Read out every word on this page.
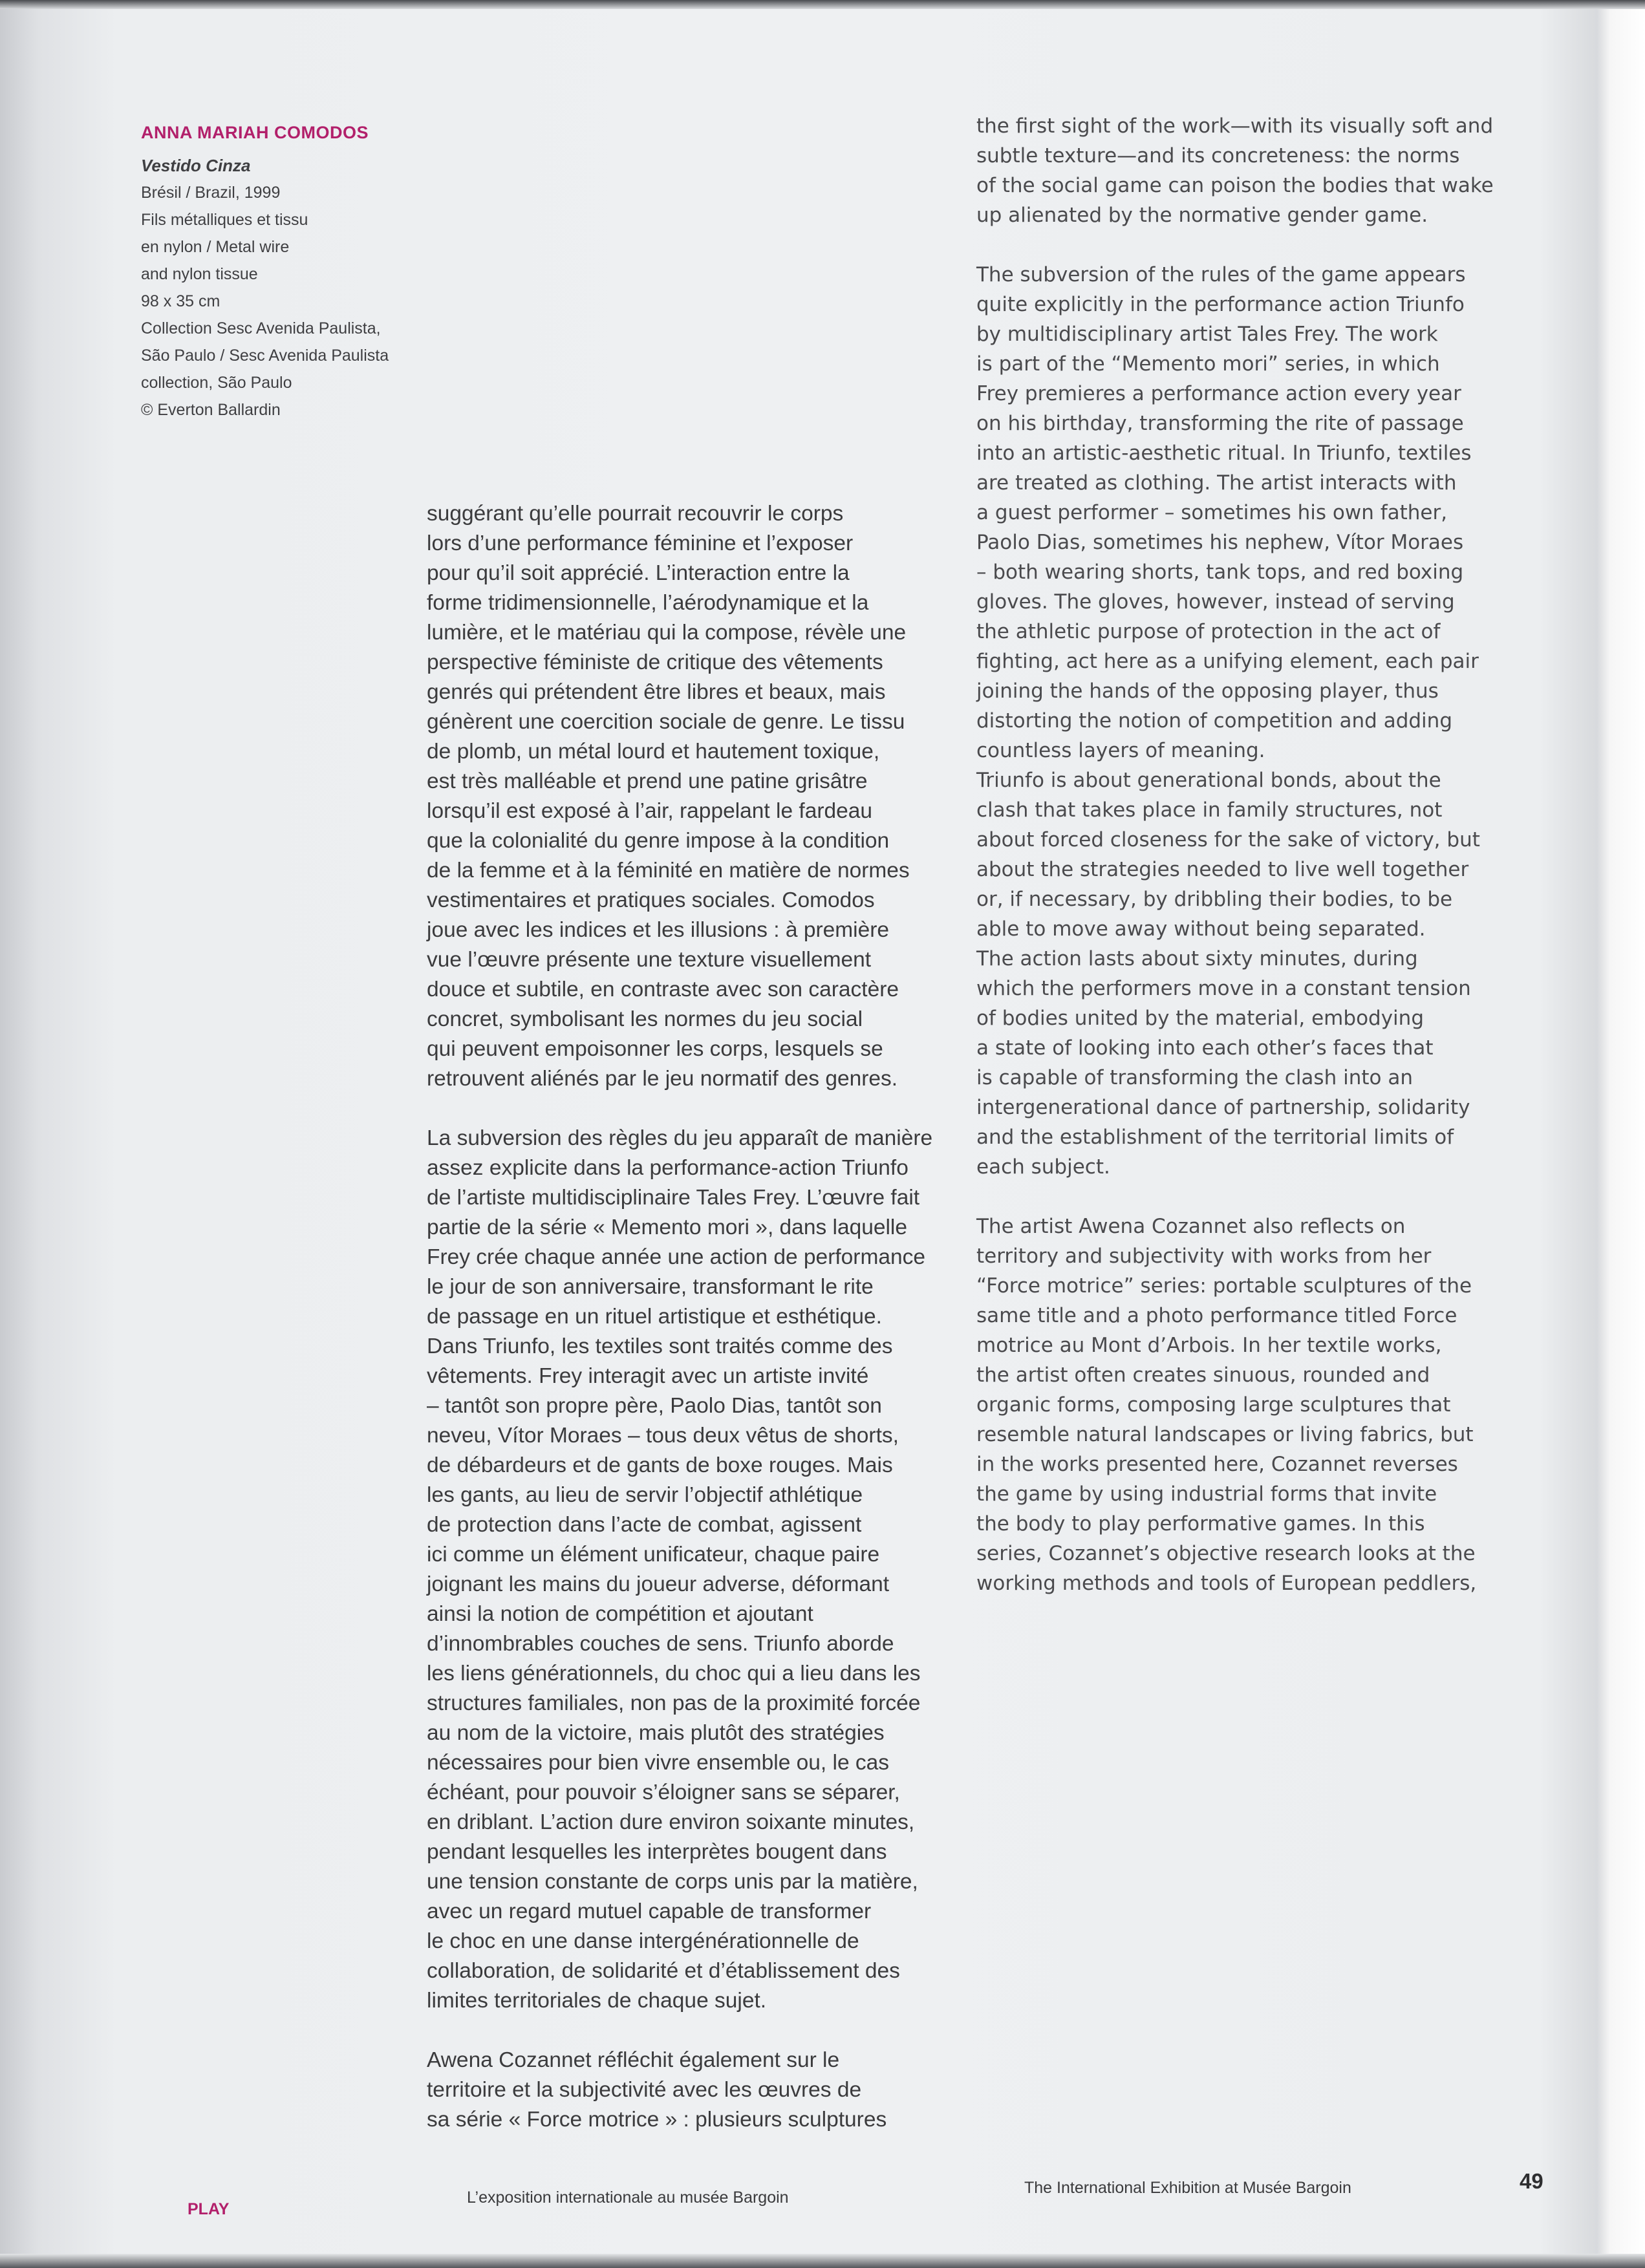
ANNA MARIAH COMODOS

Vestido Cinza

Brésil / Brazil, 1999

Fils métalliques et tissu

en nylon / Metal wire

and nylon tissue

98 x 35 cm

Collection Sesc Avenida Paulista,

São Paulo / Sesc Avenida Paulista

collection, São Paulo

© Everton Ballardin

suggérant qu’elle pourrait recouvrir le corps
lors d’une performance féminine et l’exposer
pour qu’il soit apprécié. L’interaction entre la
forme tridimensionnelle, l’aérodynamique et la
lumière, et le matériau qui la compose, révèle une
perspective féministe de critique des vêtements
genrés qui prétendent être libres et beaux, mais
génèrent une coercition sociale de genre. Le tissu
de plomb, un métal lourd et hautement toxique,
est très malléable et prend une patine grisâtre
lorsqu’il est exposé à l’air, rappelant le fardeau
que la colonialité du genre impose à la condition
de la femme et à la féminité en matière de normes
vestimentaires et pratiques sociales. Comodos
joue avec les indices et les illusions : à première
vue l’œuvre présente une texture visuellement
douce et subtile, en contraste avec son caractère
concret, symbolisant les normes du jeu social
qui peuvent empoisonner les corps, lesquels se
retrouvent aliénés par le jeu normatif des genres.
La subversion des règles du jeu apparaît de manière
assez explicite dans la performance-action Triunfo
de l’artiste multidisciplinaire Tales Frey. L’œuvre fait
partie de la série « Memento mori », dans laquelle
Frey crée chaque année une action de performance
le jour de son anniversaire, transformant le rite
de passage en un rituel artistique et esthétique.
Dans Triunfo, les textiles sont traités comme des
vêtements. Frey interagit avec un artiste invité
– tantôt son propre père, Paolo Dias, tantôt son
neveu, Vítor Moraes – tous deux vêtus de shorts,
de débardeurs et de gants de boxe rouges. Mais
les gants, au lieu de servir l’objectif athlétique
de protection dans l’acte de combat, agissent
ici comme un élément unificateur, chaque paire
joignant les mains du joueur adverse, déformant
ainsi la notion de compétition et ajoutant
d’innombrables couches de sens. Triunfo aborde
les liens générationnels, du choc qui a lieu dans les
structures familiales, non pas de la proximité forcée
au nom de la victoire, mais plutôt des stratégies
nécessaires pour bien vivre ensemble ou, le cas
échéant, pour pouvoir s’éloigner sans se séparer,
en driblant. L’action dure environ soixante minutes,
pendant lesquelles les interprètes bougent dans
une tension constante de corps unis par la matière,
avec un regard mutuel capable de transformer
le choc en une danse intergénérationnelle de
collaboration, de solidarité et d’établissement des
limites territoriales de chaque sujet.
Awena Cozannet réfléchit également sur le
territoire et la subjectivité avec les œuvres de
sa série « Force motrice » : plusieurs sculptures
the first sight of the work—with its visually soft and
subtle texture—and its concreteness: the norms
of the social game can poison the bodies that wake
up alienated by the normative gender game.
The subversion of the rules of the game appears
quite explicitly in the performance action Triunfo
by multidisciplinary artist Tales Frey. The work
is part of the “Memento mori” series, in which
Frey premieres a performance action every year
on his birthday, transforming the rite of passage
into an artistic-aesthetic ritual. In Triunfo, textiles
are treated as clothing. The artist interacts with
a guest performer – sometimes his own father,
Paolo Dias, sometimes his nephew, Vítor Moraes
– both wearing shorts, tank tops, and red boxing
gloves. The gloves, however, instead of serving
the athletic purpose of protection in the act of
fighting, act here as a unifying element, each pair
joining the hands of the opposing player, thus
distorting the notion of competition and adding
countless layers of meaning.
Triunfo is about generational bonds, about the
clash that takes place in family structures, not
about forced closeness for the sake of victory, but
about the strategies needed to live well together
or, if necessary, by dribbling their bodies, to be
able to move away without being separated.
The action lasts about sixty minutes, during
which the performers move in a constant tension
of bodies united by the material, embodying
a state of looking into each other’s faces that
is capable of transforming the clash into an
intergenerational dance of partnership, solidarity
and the establishment of the territorial limits of
each subject.
The artist Awena Cozannet also reflects on
territory and subjectivity with works from her
“Force motrice” series: portable sculptures of the
same title and a photo performance titled Force
motrice au Mont d’Arbois. In her textile works,
the artist often creates sinuous, rounded and
organic forms, composing large sculptures that
resemble natural landscapes or living fabrics, but
in the works presented here, Cozannet reverses
the game by using industrial forms that invite
the body to play performative games. In this
series, Cozannet’s objective research looks at the
working methods and tools of European peddlers,
PLAY
L’exposition internationale au musée Bargoin
The International Exhibition at Musée Bargoin	49
